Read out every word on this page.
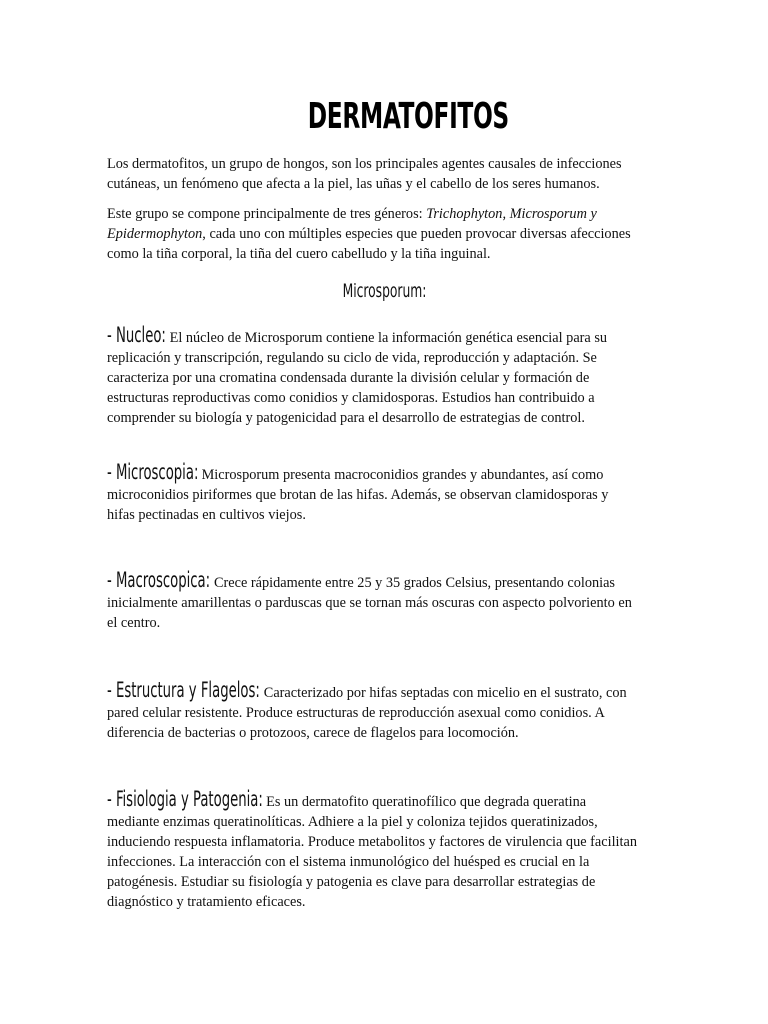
DERMATOFITOS
Los dermatofitos, un grupo de hongos, son los principales agentes causales de infecciones cutáneas, un fenómeno que afecta a la piel, las uñas y el cabello de los seres humanos.
Este grupo se compone principalmente de tres géneros: Trichophyton, Microsporum y Epidermophyton, cada uno con múltiples especies que pueden provocar diversas afecciones como la tiña corporal, la tiña del cuero cabelludo y la tiña inguinal.
Microsporum:
- Nucleo: El núcleo de Microsporum contiene la información genética esencial para su replicación y transcripción, regulando su ciclo de vida, reproducción y adaptación. Se caracteriza por una cromatina condensada durante la división celular y formación de estructuras reproductivas como conidios y clamidosporas. Estudios han contribuido a comprender su biología y patogenicidad para el desarrollo de estrategias de control.
- Microscopia: Microsporum presenta macroconidios grandes y abundantes, así como microconidios piriformes que brotan de las hifas. Además, se observan clamidosporas y hifas pectinadas en cultivos viejos.
- Macroscopica: Crece rápidamente entre 25 y 35 grados Celsius, presentando colonias inicialmente amarillentas o parduscas que se tornan más oscuras con aspecto polvoriento en el centro.
- Estructura y Flagelos: Caracterizado por hifas septadas con micelio en el sustrato, con pared celular resistente. Produce estructuras de reproducción asexual como conidios. A diferencia de bacterias o protozoos, carece de flagelos para locomoción.
- Fisiologia y Patogenia: Es un dermatofito queratinofílico que degrada queratina mediante enzimas queratinolíticas. Adhiere a la piel y coloniza tejidos queratinizados, induciendo respuesta inflamatoria. Produce metabolitos y factores de virulencia que facilitan infecciones. La interacción con el sistema inmunológico del huésped es crucial en la patogénesis. Estudiar su fisiología y patogenia es clave para desarrollar estrategias de diagnóstico y tratamiento eficaces.
